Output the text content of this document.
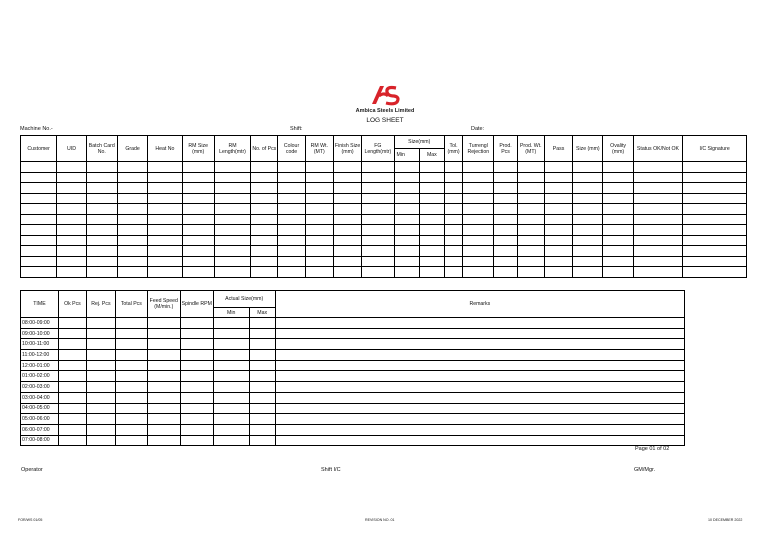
Ambica Steels Limited
LOG SHEET
Machine No.-	Shift:	Date:
Customer	UID	Batch Card No.	Grade	Heat No	RM Size (mm)	RM Length(mtr)	No. of Pcs	Colour code	RM Wt. (MT)	Finish Size (mm)	FG Length(mtr)	Size(mm)		Tol. (mm)	Turrengl Rejection	Prod. Pcs	Prod. Wt. (MT)	Pass	Size (mm)	Ovality (mm)	Status OK/Not OK	I/C Signature
												Min	Max									

TIME	Ok Pcs	Rej. Pcs	Total Pcs	Feed Speed (M/min.)	Spindle RPM	Actual Size(mm)		Remarks
						Min	Max	
08:00-09:00								
09:00-10:00								
10:00-11:00								
11:00-12:00								
12:00-01:00								
01:00-02:00								
02:00-03:00								
03:00-04:00								
04:00-05:00								
05:00-06:00								
06:00-07:00								
07:00-08:00								
Page 01 of 02
Operator	Shift I/C	GM/Mgr.
FOR/WS 01/05	REVISION NO. 01	10 DECEMBER 2022
